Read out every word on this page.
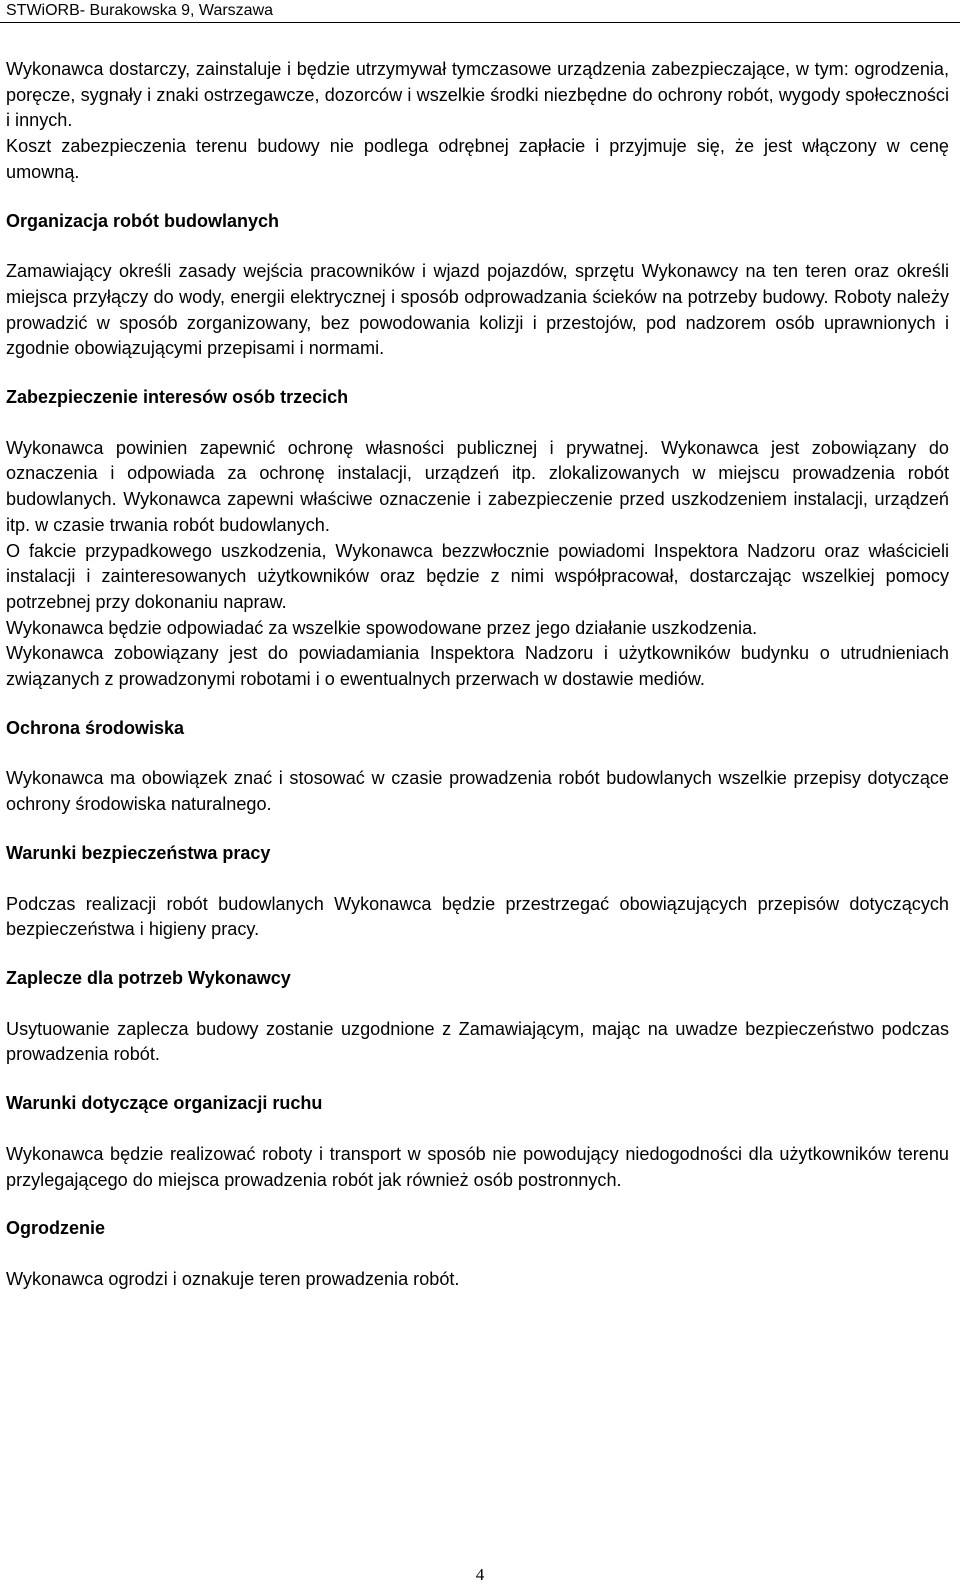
STWiORB- Burakowska 9, Warszawa

Wykonawca dostarczy, zainstaluje i będzie utrzymywał tymczasowe urządzenia zabezpieczające, w tym: ogrodzenia, poręcze, sygnały i znaki ostrzegawcze, dozorców i wszelkie środki niezbędne do ochrony robót, wygody społeczności i innych.

Koszt zabezpieczenia terenu budowy nie podlega odrębnej zapłacie i przyjmuje się, że jest włączony w cenę umowną.

Organizacja robót budowlanych

Zamawiający określi zasady wejścia pracowników i wjazd pojazdów, sprzętu Wykonawcy na ten teren oraz określi miejsca przyłączy do wody, energii elektrycznej i sposób odprowadzania ścieków na potrzeby budowy. Roboty należy prowadzić w sposób zorganizowany, bez powodowania kolizji i przestojów, pod nadzorem osób uprawnionych i zgodnie obowiązującymi przepisami i normami.

Zabezpieczenie interesów osób trzecich

Wykonawca powinien zapewnić ochronę własności publicznej i prywatnej. Wykonawca jest zobowiązany do oznaczenia i odpowiada za ochronę instalacji, urządzeń itp. zlokalizowanych w miejscu prowadzenia robót budowlanych. Wykonawca zapewni właściwe oznaczenie i zabezpieczenie przed uszkodzeniem instalacji, urządzeń itp. w czasie trwania robót budowlanych.

O fakcie przypadkowego uszkodzenia, Wykonawca bezzwłocznie powiadomi Inspektora Nadzoru oraz właścicieli instalacji i zainteresowanych użytkowników oraz będzie z nimi współpracował, dostarczając wszelkiej pomocy potrzebnej przy dokonaniu napraw.

Wykonawca będzie odpowiadać za wszelkie spowodowane przez jego działanie uszkodzenia.

Wykonawca zobowiązany jest do powiadamiania Inspektora Nadzoru i użytkowników budynku o utrudnieniach związanych z prowadzonymi robotami i o ewentualnych przerwach w dostawie mediów.

Ochrona środowiska

Wykonawca ma obowiązek znać i stosować w czasie prowadzenia robót budowlanych wszelkie przepisy dotyczące ochrony środowiska naturalnego.

Warunki bezpieczeństwa pracy

Podczas realizacji robót budowlanych Wykonawca będzie przestrzegać obowiązujących przepisów dotyczących bezpieczeństwa i higieny pracy.

Zaplecze dla potrzeb Wykonawcy

Usytuowanie zaplecza budowy zostanie uzgodnione z Zamawiającym, mając na uwadze bezpieczeństwo podczas prowadzenia robót.

Warunki dotyczące organizacji ruchu

Wykonawca będzie realizować roboty i transport w sposób nie powodujący niedogodności dla użytkowników terenu przylegającego do miejsca prowadzenia robót jak również osób postronnych.

Ogrodzenie

Wykonawca ogrodzi i oznakuje teren prowadzenia robót.

4
